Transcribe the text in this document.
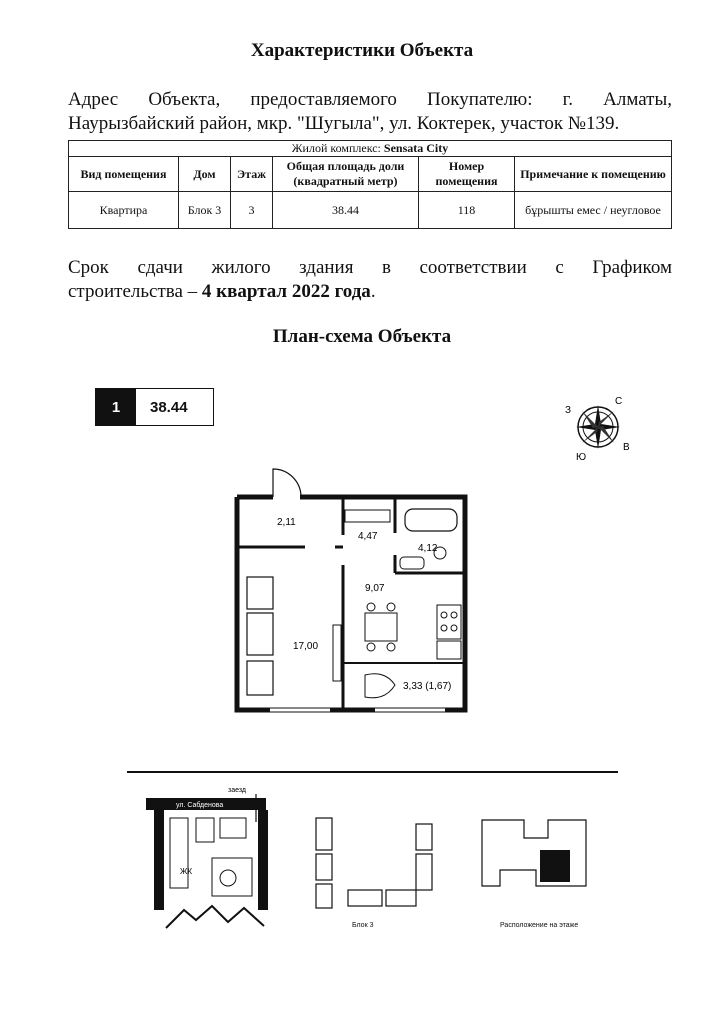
Характеристики Объекта
Адрес Объекта, предоставляемого Покупателю: г. Алматы,
Наурызбайский район, мкр. "Шугыла", ул. Коктерек, участок №139.
Жилой комплекс: Sensata City					
Вид помещения	Дом	Этаж	Общая площадь доли (квадратный метр)	Номер помещения	Примечание к помещению
Квартира	Блок 3	3	38.44	118	бұрышты емес / неугловое
Срок сдачи жилого здания в соответствии с Графиком
строительства – 4 квартал 2022 года.
План-схема Объекта
1	38.44	С
В
Ю
З
2,11
4,47
4,12
9,07
17,00
3,33 (1,67)
ул. Сабденова
заезд
ЖК
Блок 3	Расположение на этаже
